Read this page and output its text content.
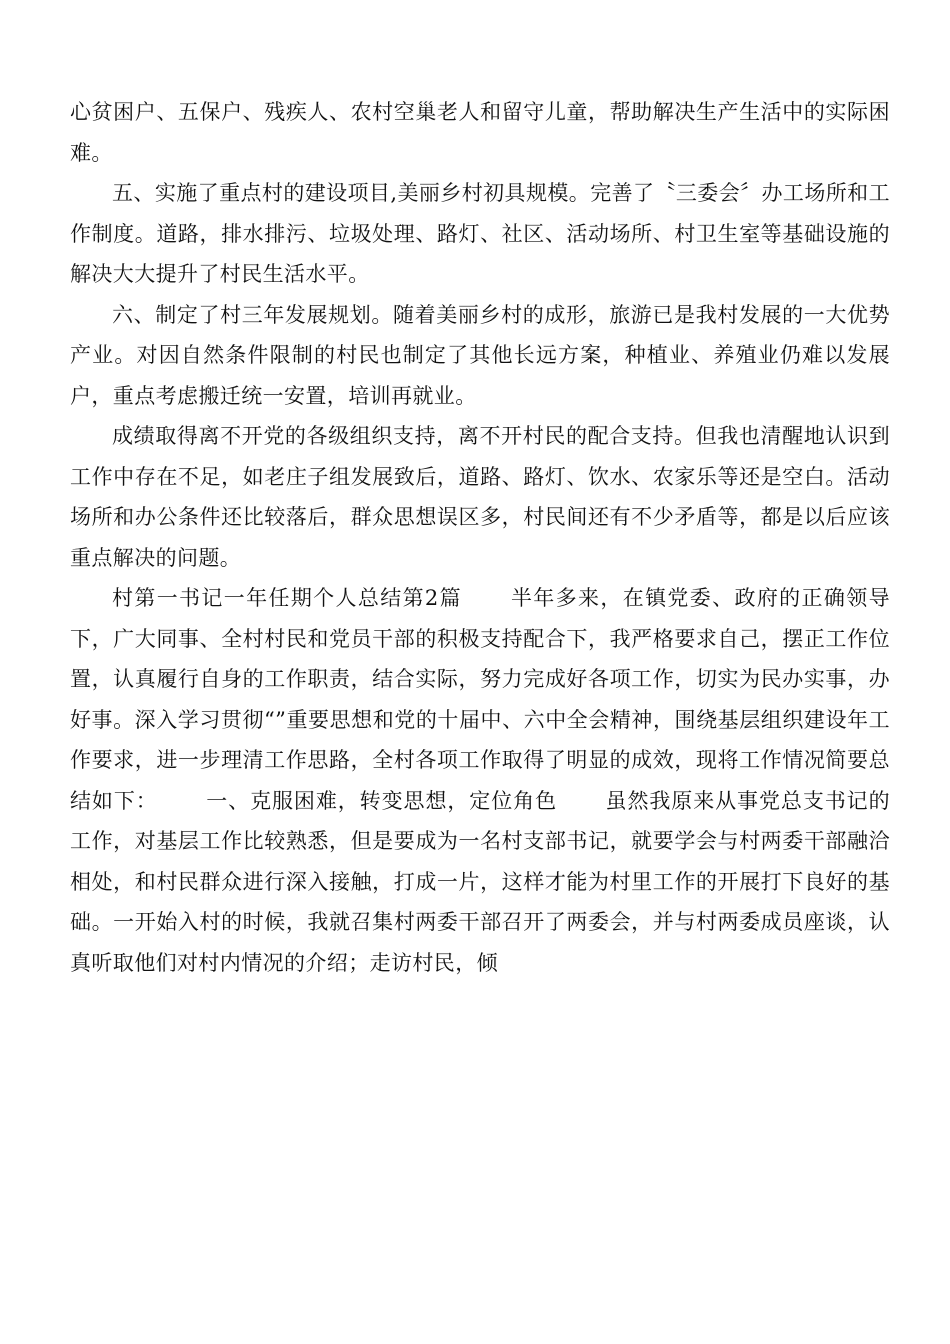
心贫困户、五保户、残疾人、农村空巢老人和留守儿童，帮助解决生产生活中的实际困难。

五、实施了重点村的建设项目,美丽乡村初具规模。完善了〝三委会〞办工场所和工作制度。道路，排水排污、垃圾处理、路灯、社区、活动场所、村卫生室等基础设施的解决大大提升了村民生活水平。

六、制定了村三年发展规划。随着美丽乡村的成形，旅游已是我村发展的一大优势产业。对因自然条件限制的村民也制定了其他长远方案，种植业、养殖业仍难以发展户，重点考虑搬迁统一安置，培训再就业。

成绩取得离不开党的各级组织支持，离不开村民的配合支持。但我也清醒地认识到工作中存在不足，如老庄子组发展致后，道路、路灯、饮水、农家乐等还是空白。活动场所和办公条件还比较落后，群众思想误区多，村民间还有不少矛盾等，都是以后应该重点解决的问题。

村第一书记一年任期个人总结第2篇 半年多来，在镇党委、政府的正确领导下，广大同事、全村村民和党员干部的积极支持配合下，我严格要求自己，摆正工作位置，认真履行自身的工作职责，结合实际，努力完成好各项工作，切实为民办实事，办好事。深入学习贯彻“”重要思想和党的十届中、六中全会精神，围绕基层组织建设年工作要求，进一步理清工作思路，全村各项工作取得了明显的成效，现将工作情况简要总结如下： 一、克服困难，转变思想，定位角色 虽然我原来从事党总支书记的工作，对基层工作比较熟悉，但是要成为一名村支部书记，就要学会与村两委干部融洽相处，和村民群众进行深入接触，打成一片，这样才能为村里工作的开展打下良好的基础。一开始入村的时候，我就召集村两委干部召开了两委会，并与村两委成员座谈，认真听取他们对村内情况的介绍；走访村民，倾
